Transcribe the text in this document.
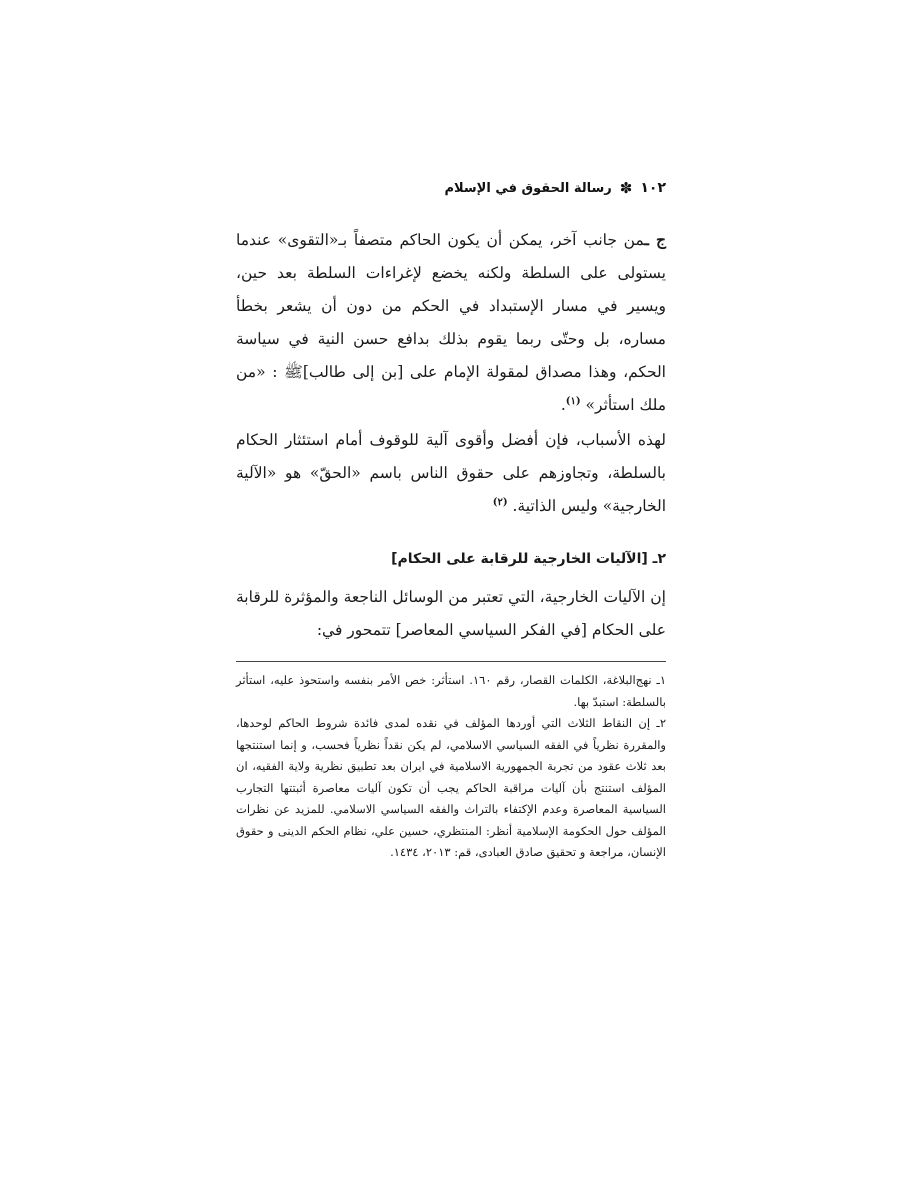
١٠٢
✽
رسالة الحقوق في الإسلام

ج ـمن جانب آخر، يمكن أن يكون الحاكم متصفاً بـ«التقوى» عندما يستولى على السلطة ولكنه يخضع لإغراءات السلطة بعد حين، ويسير في مسار الإستبداد في الحكم من دون أن يشعر بخطأ مساره، بل وحتّى ربما يقوم بذلك بدافع حسن النية في سياسة الحكم، وهذا مصداق لمقولة الإمام على [بن إلى طالب]ﷺ : «من ملك استأثر» $^{(١)}$.

لهذه الأسباب، فإن أفضل وأقوى آلية للوقوف أمام استئثار الحكام بالسلطة، وتجاوزهم على حقوق الناس باسم «الحقّ» هو «الآلية الخارجية» وليس الذاتية. $^{(٢)}$

٢ـ [الآليات الخارجية للرقابة على الحكام]

إن الآليات الخارجية، التي تعتبر من الوسائل الناجعة والمؤثرة للرقابة على الحكام [في الفكر السياسي المعاصر] تتمحور في:

١ـ نهج‌البلاغة، الكلمات القصار، رقم ١٦٠. استأثر: خص الأمر بنفسه واستحوذ عليه، استأثر بالسلطة: استبدّ بها.

٢ـ إن النقاط الثلاث التي أوردها المؤلف في نقده لمدى فائدة شروط الحاكم لوحدها، والمقررة نظرياً في الفقه السياسي الاسلامي، لم يكن نقداً نظرياً فحسب، و إنما استنتجها بعد ثلاث عقود من تجربة الجمهورية الاسلامية في ايران بعد تطبيق نظرية ولاية الفقيه، ان المؤلف استنتج بأن آليات مراقبة الحاكم يجب أن تكون آليات معاصرة أثبتتها التجارب السياسية المعاصرة وعدم الإكتفاء بالتراث والفقه السياسي الاسلامي. للمزيد عن نظرات المؤلف حول الحكومة الإسلامية أنظر: المنتظري، حسين علي، نظام الحكم الدينى و حقوق الإنسان، مراجعة و تحقيق صادق العبادى، قم: ٢٠١٣، ١٤٣٤.
